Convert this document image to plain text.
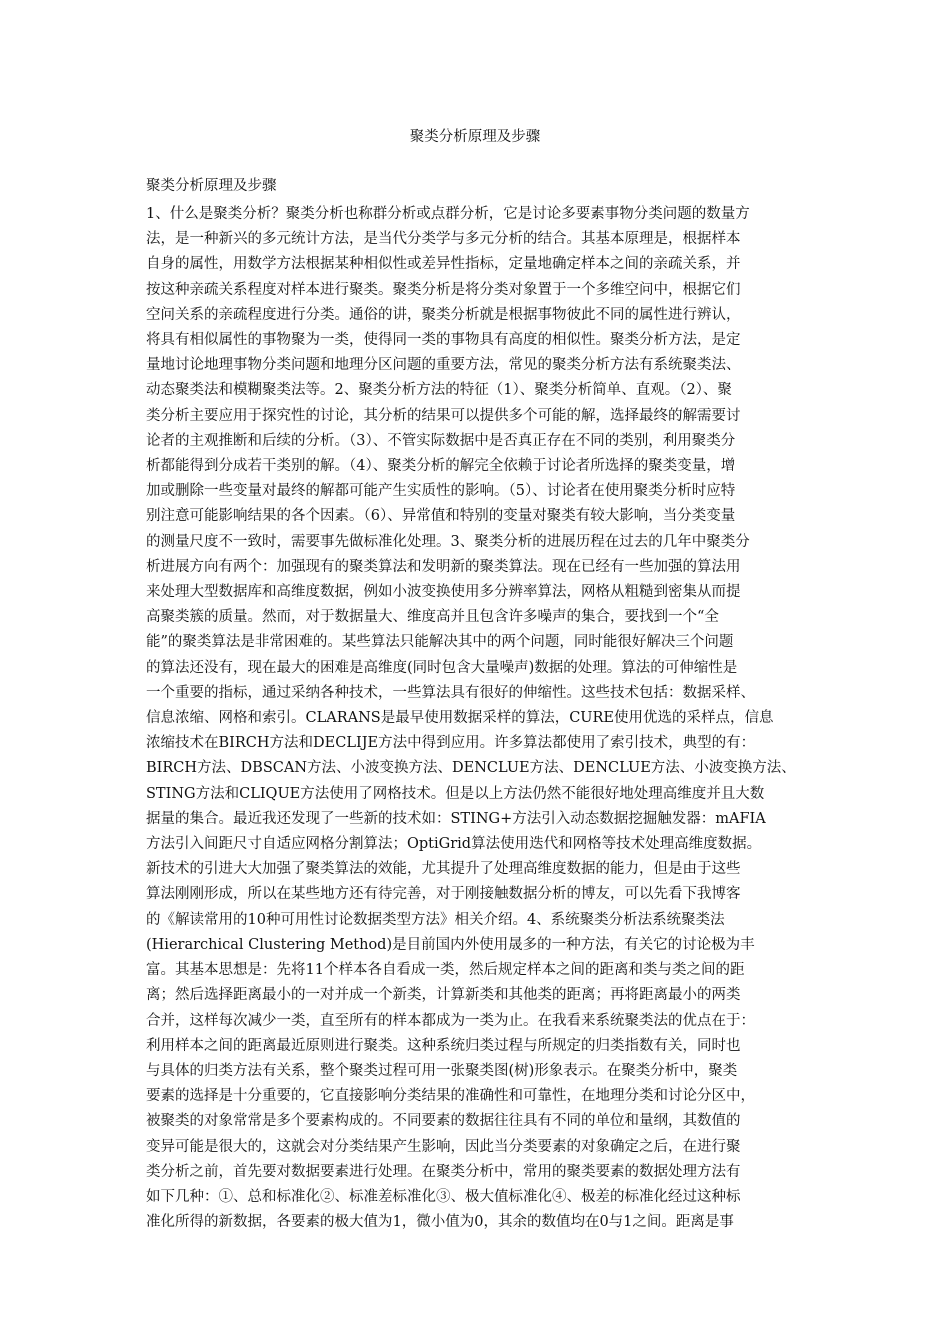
聚类分析原理及步骤
聚类分析原理及步骤
1、什么是聚类分析？聚类分析也称群分析或点群分析，它是讨论多要素事物分类问题的数量方
法，是一种新兴的多元统计方法，是当代分类学与多元分析的结合。其基本原理是，根据样本
自身的属性，用数学方法根据某种相似性或差异性指标，定量地确定样本之间的亲疏关系，并
按这种亲疏关系程度对样本进行聚类。聚类分析是将分类对象置于一个多维空问中，根据它们
空问关系的亲疏程度进行分类。通俗的讲，聚类分析就是根据事物彼此不同的属性进行辨认，
将具有相似属性的事物聚为一类，使得同一类的事物具有高度的相似性。聚类分析方法，是定
量地讨论地理事物分类问题和地理分区问题的重要方法，常见的聚类分析方法有系统聚类法、
动态聚类法和模糊聚类法等。2、聚类分析方法的特征（1）、聚类分析简单、直观。（2）、聚
类分析主要应用于探究性的讨论，其分析的结果可以提供多个可能的解，选择最终的解需要讨
论者的主观推断和后续的分析。（3）、不管实际数据中是否真正存在不同的类别，利用聚类分
析都能得到分成若干类别的解。（4）、聚类分析的解完全依赖于讨论者所选择的聚类变量，增
加或删除一些变量对最终的解都可能产生实质性的影响。（5）、讨论者在使用聚类分析时应特
别注意可能影响结果的各个因素。（6）、异常值和特别的变量对聚类有较大影响，当分类变量
的测量尺度不一致时，需要事先做标准化处理。3、聚类分析的进展历程在过去的几年中聚类分
析进展方向有两个：加强现有的聚类算法和发明新的聚类算法。现在已经有一些加强的算法用
来处理大型数据库和高维度数据，例如小波变换使用多分辨率算法，网格从粗糙到密集从而提
高聚类簇的质量。然而，对于数据量大、维度高并且包含许多噪声的集合，要找到一个“全
能”的聚类算法是非常困难的。某些算法只能解决其中的两个问题，同时能很好解决三个问题
的算法还没有，现在最大的困难是高维度(同时包含大量噪声)数据的处理。算法的可伸缩性是
一个重要的指标，通过采纳各种技术，一些算法具有很好的伸缩性。这些技术包括：数据采样、
信息浓缩、网格和索引。CLARANS是最早使用数据采样的算法，CURE使用优选的采样点，信息
浓缩技术在BIRCH方法和DECLIJE方法中得到应用。许多算法都使用了索引技术，典型的有：
BIRCH方法、DBSCAN方法、小波变换方法、DENCLUE方法、DENCLUE方法、小波变换方法、
STING方法和CLIQUE方法使用了网格技术。但是以上方法仍然不能很好地处理高维度并且大数
据量的集合。最近我还发现了一些新的技术如：STING+方法引入动态数据挖掘触发器：mAFIA
方法引入间距尺寸自适应网格分割算法；OptiGrid算法使用迭代和网格等技术处理高维度数据。
新技术的引进大大加强了聚类算法的效能，尤其提升了处理高维度数据的能力，但是由于这些
算法刚刚形成，所以在某些地方还有待完善，对于刚接触数据分析的博友，可以先看下我博客
的《解读常用的10种可用性讨论数据类型方法》相关介绍。4、系统聚类分析法系统聚类法
(Hierarchical Clustering Method)是目前国内外使用晟多的一种方法，有关它的讨论极为丰
富。其基本思想是：先将11个样本各自看成一类，然后规定样本之间的距离和类与类之间的距
离；然后选择距离最小的一对并成一个新类，计算新类和其他类的距离；再将距离最小的两类
合并，这样每次减少一类，直至所有的样本都成为一类为止。在我看来系统聚类法的优点在于：
利用样本之间的距离最近原则进行聚类。这种系统归类过程与所规定的归类指数有关，同时也
与具体的归类方法有关系，整个聚类过程可用一张聚类图(树)形象表示。在聚类分析中，聚类
要素的选择是十分重要的，它直接影响分类结果的准确性和可靠性，在地理分类和讨论分区中，
被聚类的对象常常是多个要素构成的。不同要素的数据往往具有不同的单位和量纲，其数值的
变异可能是很大的，这就会对分类结果产生影响，因此当分类要素的对象确定之后，在进行聚
类分析之前，首先要对数据要素进行处理。在聚类分析中，常用的聚类要素的数据处理方法有
如下几种：①、总和标准化②、标准差标准化③、极大值标准化④、极差的标准化经过这种标
准化所得的新数据，各要素的极大值为1，微小值为0，其余的数值均在0与1之间。距离是事
